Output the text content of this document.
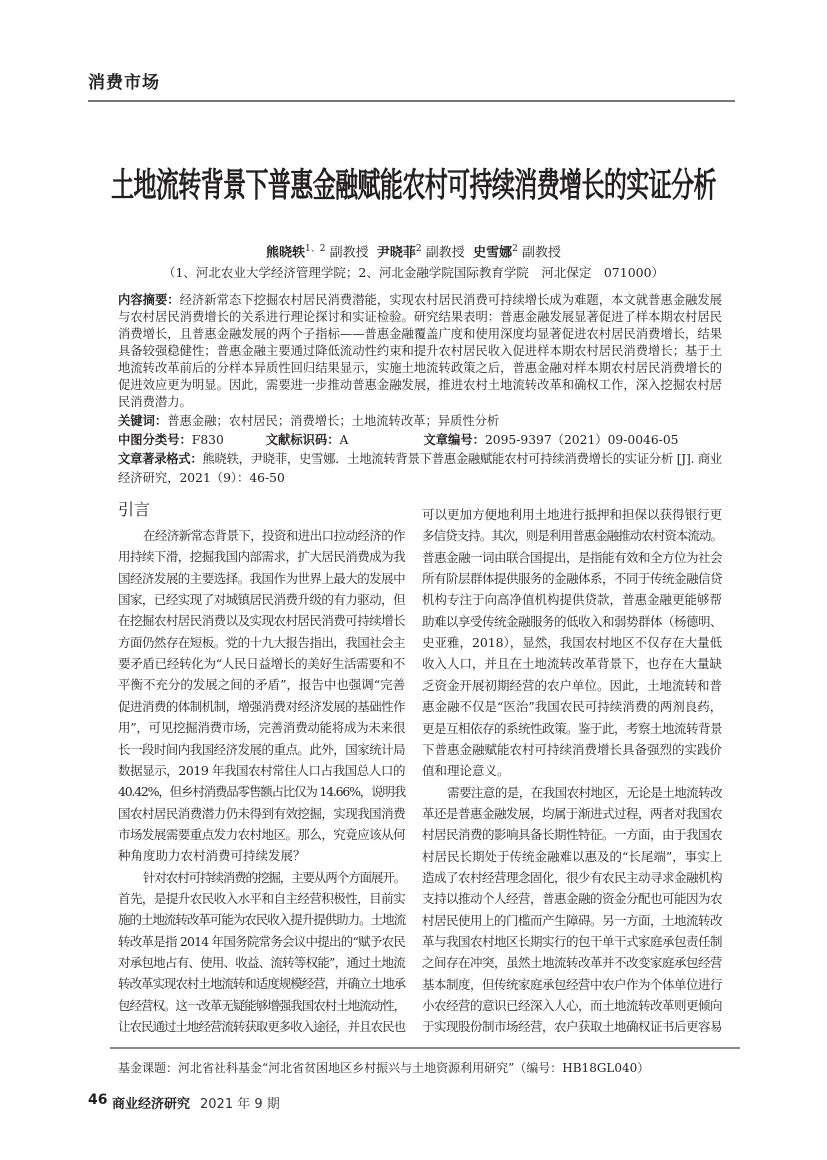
消费市场
土地流转背景下普惠金融赋能农村可持续消费增长的实证分析
熊晓轶$^{1、2}$ 副教授 尹晓菲$^2$ 副教授 史雪娜$^2$ 副教授
（1、河北农业大学经济管理学院；2、河北金融学院国际教育学院　河北保定　071000）
内容摘要：经济新常态下挖掘农村居民消费潜能，实现农村居民消费可持续增长成为难题，本文就普惠金融发展
与农村居民消费增长的关系进行理论探讨和实证检验。研究结果表明：普惠金融发展显著促进了样本期农村居民
消费增长，且普惠金融发展的两个子指标——普惠金融覆盖广度和使用深度均显著促进农村居民消费增长，结果
具备较强稳健性；普惠金融主要通过降低流动性约束和提升农村居民收入促进样本期农村居民消费增长；基于土
地流转改革前后的分样本异质性回归结果显示，实施土地流转政策之后，普惠金融对样本期农村居民消费增长的
促进效应更为明显。因此，需要进一步推动普惠金融发展，推进农村土地流转改革和确权工作，深入挖掘农村居
民消费潜力。
关键词：普惠金融；农村居民；消费增长；土地流转改革；异质性分析
中图分类号：F830	文献标识码：A	文章编号：2095-9397（2021）09-0046-05
文章著录格式：熊晓轶，尹晓菲，史雪娜．土地流转背景下普惠金融赋能农村可持续消费增长的实证分析 [J]. 商业
经济研究，2021（9）：46-50
引言
在经济新常态背景下，投资和进出口拉动经济的作
用持续下滑，挖掘我国内部需求，扩大居民消费成为我
国经济发展的主要选择。我国作为世界上最大的发展中
国家，已经实现了对城镇居民消费升级的有力驱动，但
在挖掘农村居民消费以及实现农村居民消费可持续增长
方面仍然存在短板。党的十九大报告指出，我国社会主
要矛盾已经转化为“人民日益增长的美好生活需要和不
平衡不充分的发展之间的矛盾”，报告中也强调“完善
促进消费的体制机制，增强消费对经济发展的基础性作
用”，可见挖掘消费市场，完善消费动能将成为未来很
长一段时间内我国经济发展的重点。此外，国家统计局
数据显示，2019 年我国农村常住人口占我国总人口的
40.42%，但乡村消费品零售额占比仅为 14.66%，说明我
国农村居民消费潜力仍未得到有效挖掘，实现我国消费
市场发展需要重点发力农村地区。那么，究竟应该从何
种角度助力农村消费可持续发展？
针对农村可持续消费的挖掘，主要从两个方面展开。
首先，是提升农民收入水平和自主经营积极性，目前实
施的土地流转改革可能为农民收入提升提供助力。土地流
转改革是指 2014 年国务院常务会议中提出的“赋予农民
对承包地占有、使用、收益、流转等权能”，通过土地流
转改革实现农村土地流转和适度规模经营，并确立土地承
包经营权。这一改革无疑能够增强我国农村土地流动性，
让农民通过土地经营流转获取更多收入途径，并且农民也
可以更加方便地利用土地进行抵押和担保以获得银行更
多信贷支持。其次，则是利用普惠金融推动农村资本流动。
普惠金融一词由联合国提出，是指能有效和全方位为社会
所有阶层群体提供服务的金融体系，不同于传统金融信贷
机构专注于向高净值机构提供贷款，普惠金融更能够帮
助难以享受传统金融服务的低收入和弱势群体（杨德明、
史亚雅，2018），显然，我国农村地区不仅存在大量低
收入人口，并且在土地流转改革背景下，也存在大量缺
乏资金开展初期经营的农户单位。因此，土地流转和普
惠金融不仅是“医治”我国农民可持续消费的两剂良药，
更是互相依存的系统性政策。鉴于此，考察土地流转背景
下普惠金融赋能农村可持续消费增长具备强烈的实践价
值和理论意义。
需要注意的是，在我国农村地区，无论是土地流转改
革还是普惠金融发展，均属于渐进式过程，两者对我国农
村居民消费的影响具备长期性特征。一方面，由于我国农
村居民长期处于传统金融难以惠及的“长尾端”，事实上
造成了农村经营理念固化，很少有农民主动寻求金融机构
支持以推动个人经营，普惠金融的资金分配也可能因为农
村居民使用上的门槛而产生障碍。另一方面，土地流转改
革与我国农村地区长期实行的包干单干式家庭承包责任制
之间存在冲突，虽然土地流转改革并不改变家庭承包经营
基本制度，但传统家庭承包经营中农户作为个体单位进行
小农经营的意识已经深入人心，而土地流转改革则更倾向
于实现股份制市场经营，农户获取土地确权证书后更容易
基金课题：河北省社科基金“河北省贫困地区乡村振兴与土地资源利用研究”（编号：HB18GL040）
46 商业经济研究 2021 年 9 期
